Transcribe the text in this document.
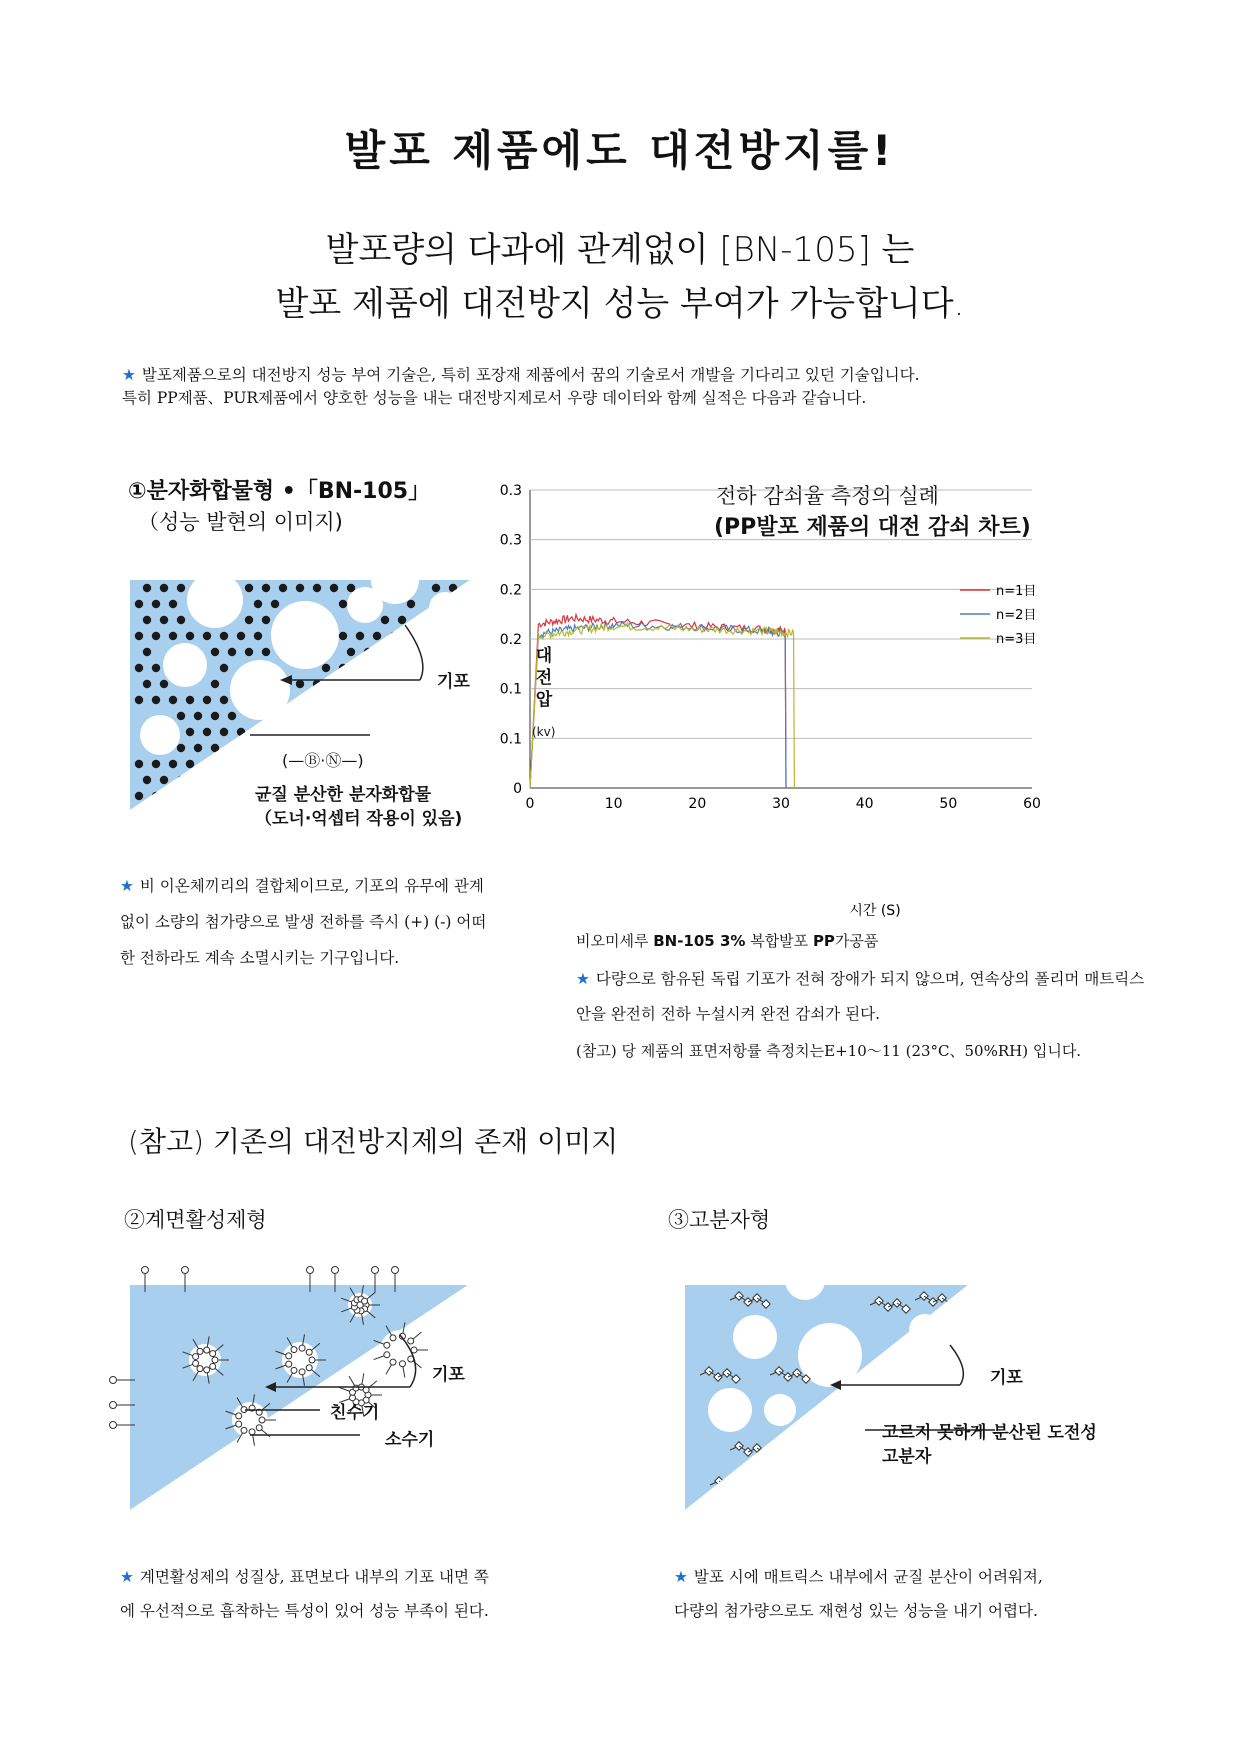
발포 제품에도 대전방지를!
발포량의 다과에 관계없이 [BN-105] 는
발포 제품에 대전방지 성능 부여가 가능합니다.
★ 발포제품으로의 대전방지 성능 부여 기술은, 특히 포장재 제품에서 꿈의 기술로서 개발을 기다리고 있던 기술입니다.
특히 PP제품、PUR제품에서 양호한 성능을 내는 대전방지제로서 우량 데이터와 함께 실적은 다음과 같습니다.
①분자화합물형 •「BN-105」
（성능 발현의 이미지)
기포
(—Ⓑ·Ⓝ—)
균질 분산한 분자화합물
（도너·억셉터 작용이 있음)
★ 비 이온체끼리의 결합체이므로, 기포의 유무에 관계없이 소량의 첨가량으로 발생 전하를 즉시 (+) (-) 어떠한 전하라도 계속 소멸시키는 기구입니다.
전하 감쇠율 측정의 실례
(PP발포 제품의 대전 감쇠 차트)
0
0.1
0.1
0.2
0.2
0.3
0.3
0	10	20	30	40	50	60
n=1目
n=2目
n=3目
시간 (S)
대
전
압
(kv)
비오미세루 BN-105 3% 복합발포 PP가공품
★ 다량으로 함유된 독립 기포가 전혀 장애가 되지 않으며, 연속상의 폴리머 매트릭스 안을 완전히 전하 누설시켜 완전 감쇠가 된다.
(참고) 당 제품의 표면저항률 측정치는E+10～11 (23°C、50%RH) 입니다.
(참고) 기존의 대전방지제의 존재 이미지
②계면활성제형
기포
친수기
소수기
★ 계면활성제의 성질상, 표면보다 내부의 기포 내면 쪽에 우선적으로 흡착하는 특성이 있어 성능 부족이 된다.
③고분자형
기포
고르지 못하게 분산된 도전성
고분자
★ 발포 시에 매트릭스 내부에서 균질 분산이 어려워져, 다량의 첨가량으로도 재현성 있는 성능을 내기 어렵다.
